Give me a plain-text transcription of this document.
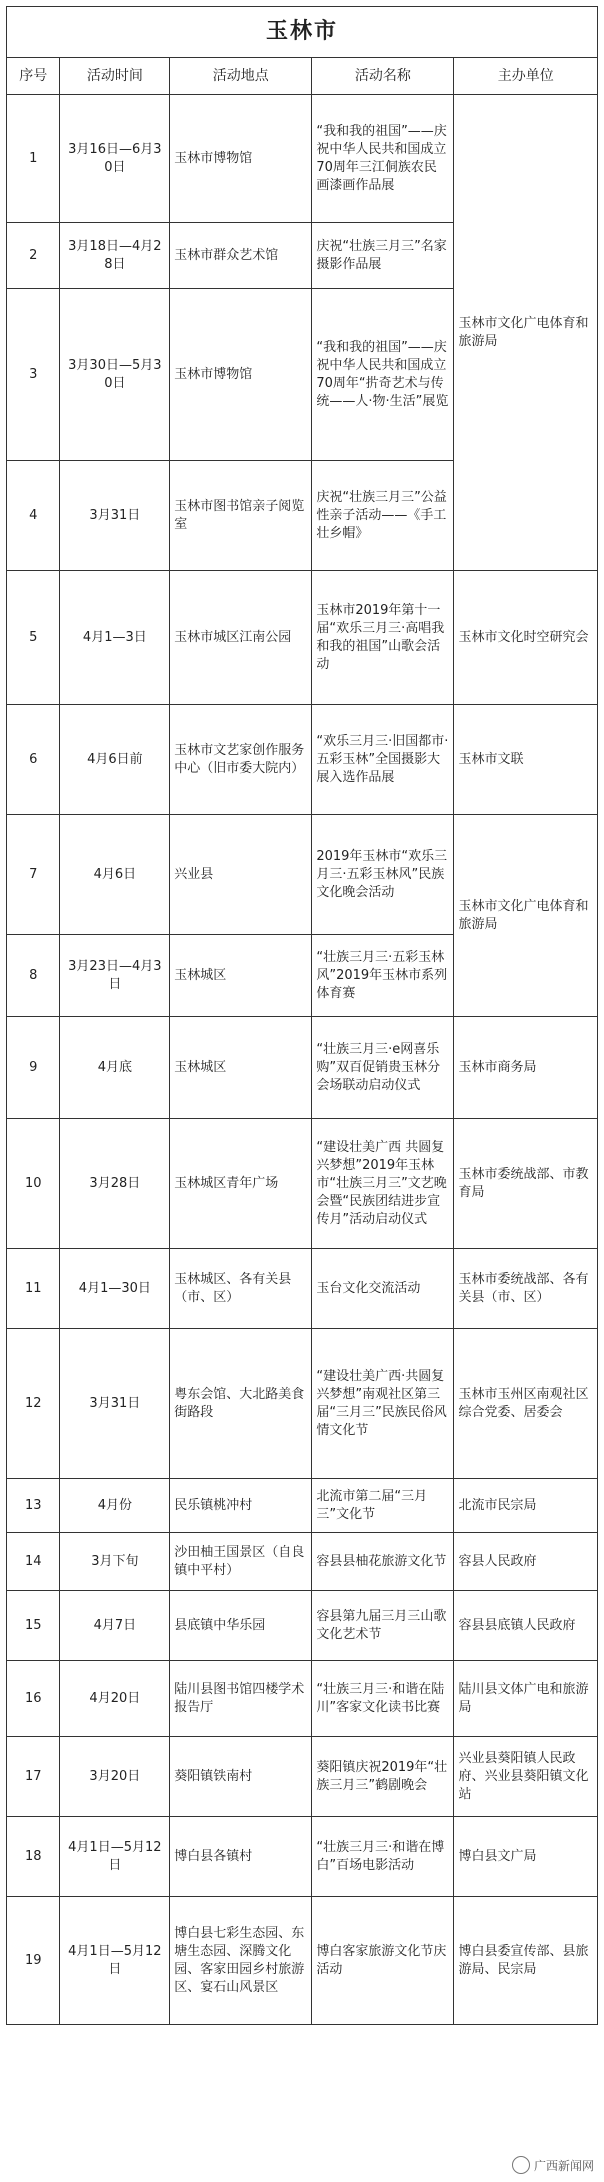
玉林市				
序号	活动时间	活动地点	活动名称	主办单位
1	3月16日—6月30日	玉林市博物馆	“我和我的祖国”——庆祝中华人民共和国成立70周年三江侗族农民画漆画作品展	玉林市文化广电体育和旅游局
2	3月18日—4月28日	玉林市群众艺术馆	庆祝“壮族三月三”名家摄影作品展	
3	3月30日—5月30日	玉林市博物馆	“我和我的祖国”——庆祝中华人民共和国成立70周年“扸奇艺术与传统——人·物·生活”展览	
4	3月31日	玉林市图书馆亲子阅览室	庆祝“壮族三月三”公益性亲子活动——《手工壮乡帽》	
5	4月1—3日	玉林市城区江南公园	玉林市2019年第十一届“欢乐三月三·高唱我和我的祖国”山歌会活动	玉林市文化时空研究会
6	4月6日前	玉林市文艺家创作服务中心（旧市委大院内）	“欢乐三月三·旧国都市·五彩玉林”全国摄影大展入选作品展	玉林市文联
7	4月6日	兴业县	2019年玉林市“欢乐三月三·五彩玉林风”民族文化晚会活动	玉林市文化广电体育和旅游局
8	3月23日—4月3日	玉林城区	“壮族三月三·五彩玉林风”2019年玉林市系列体育赛	
9	4月底	玉林城区	“壮族三月三·e网喜乐购”双百促销贵玉林分会场联动启动仪式	玉林市商务局
10	3月28日	玉林城区青年广场	“建设壮美广西 共圆复兴梦想”2019年玉林市“壮族三月三”文艺晚会暨“民族团结进步宣传月”活动启动仪式	玉林市委统战部、市教育局
11	4月1—30日	玉林城区、各有关县（市、区）	玉台文化交流活动	玉林市委统战部、各有关县（市、区）
12	3月31日	粤东会馆、大北路美食街路段	“建设壮美广西·共圆复兴梦想”南观社区第三届“三月三”民族民俗风情文化节	玉林市玉州区南观社区综合党委、居委会
13	4月份	民乐镇桃冲村	北流市第二届“三月三”文化节	北流市民宗局
14	3月下旬	沙田柚王国景区（自良镇中平村）	容县县柚花旅游文化节	容县人民政府
15	4月7日	县底镇中华乐园	容县第九届三月三山歌文化艺术节	容县县底镇人民政府
16	4月20日	陆川县图书馆四楼学术报告厅	“壮族三月三·和谐在陆川”客家文化读书比赛	陆川县文体广电和旅游局
17	3月20日	葵阳镇铁南村	葵阳镇庆祝2019年“壮族三月三”鹤剧晚会	兴业县葵阳镇人民政府、兴业县葵阳镇文化站
18	4月1日—5月12日	博白县各镇村	“壮族三月三·和谐在博白”百场电影活动	博白县文广局
19	4月1日—5月12日	博白县七彩生态园、东塘生态园、深腾文化园、客家田园乡村旅游区、宴石山风景区	博白客家旅游文化节庆活动	博白县委宣传部、县旅游局、民宗局
广西新闻网
